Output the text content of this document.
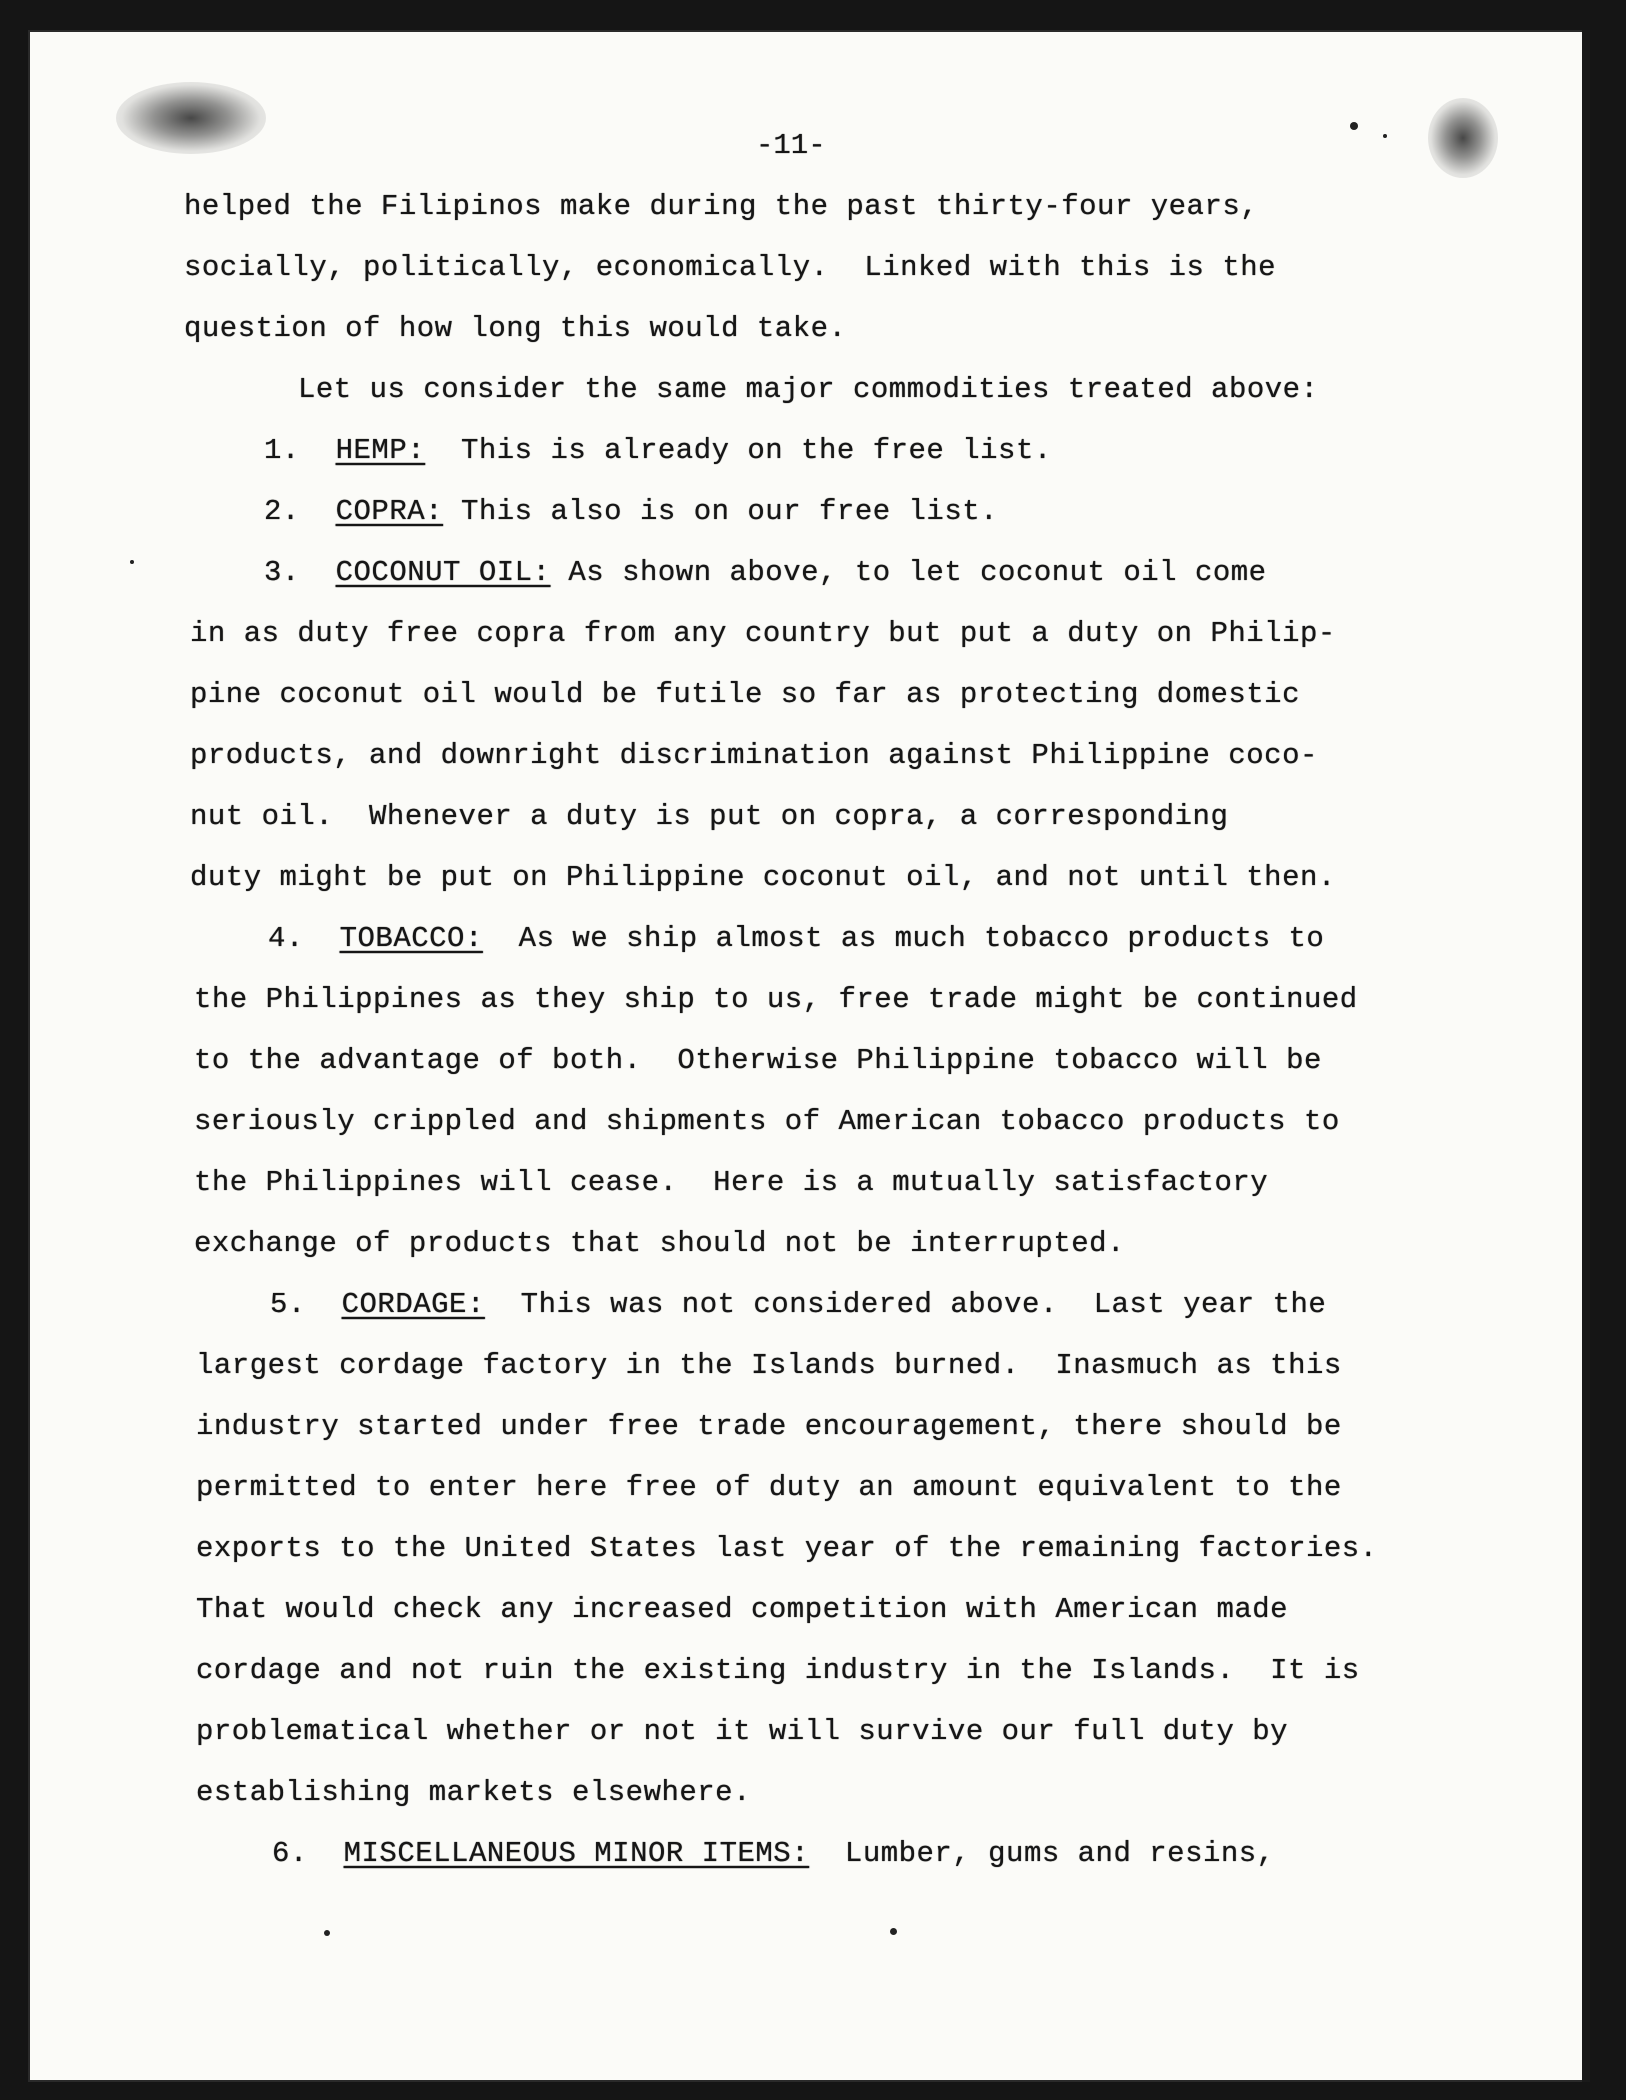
-11-
helped the Filipinos make during the past thirty-four years,
socially, politically, economically.  Linked with this is the
question of how long this would take.
Let us consider the same major commodities treated above:
1. HEMP: This is already on the free list.
2. COPRA: This also is on our free list.
3. COCONUT OIL: As shown above, to let coconut oil come
in as duty free copra from any country but put a duty on Philip-
pine coconut oil would be futile so far as protecting domestic
products, and downright discrimination against Philippine coco-
nut oil.  Whenever a duty is put on copra, a corresponding
duty might be put on Philippine coconut oil, and not until then.
4. TOBACCO: As we ship almost as much tobacco products to
the Philippines as they ship to us, free trade might be continued
to the advantage of both.  Otherwise Philippine tobacco will be
seriously crippled and shipments of American tobacco products to
the Philippines will cease.  Here is a mutually satisfactory
exchange of products that should not be interrupted.
5. CORDAGE: This was not considered above.  Last year the
largest cordage factory in the Islands burned.  Inasmuch as this
industry started under free trade encouragement, there should be
permitted to enter here free of duty an amount equivalent to the
exports to the United States last year of the remaining factories.
That would check any increased competition with American made
cordage and not ruin the existing industry in the Islands.  It is
problematical whether or not it will survive our full duty by
establishing markets elsewhere.
6. MISCELLANEOUS MINOR ITEMS: Lumber, gums and resins,
